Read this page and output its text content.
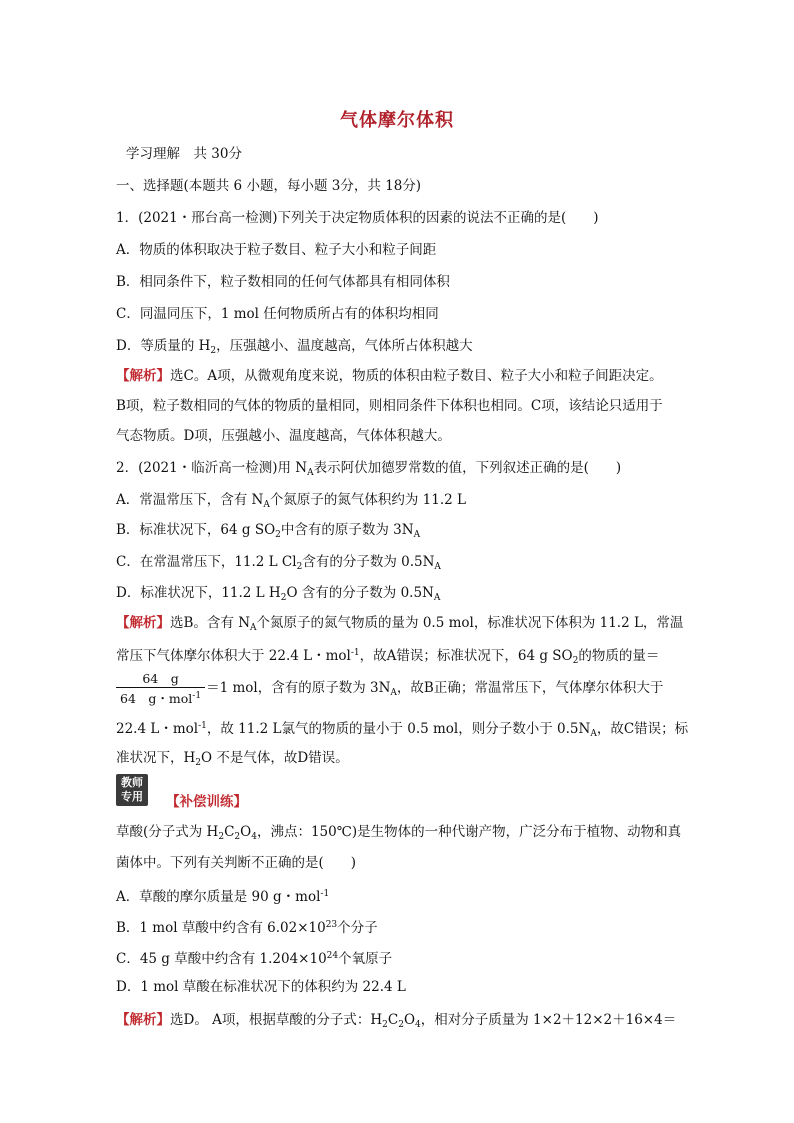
气体摩尔体积
学习理解　共 30分
一、选择题(本题共 6 小题，每小题 3分，共 18分)
1．(2021・邢台高一检测)下列关于决定物质体积的因素的说法不正确的是(　　)
A．物质的体积取决于粒子数目、粒子大小和粒子间距
B．相同条件下，粒子数相同的任何气体都具有相同体积
C．同温同压下，1 mol 任何物质所占有的体积均相同
D．等质量的 $H_2$，压强越小、温度越高，气体所占体积越大
【解析】选C。A项，从微观角度来说，物质的体积由粒子数目、粒子大小和粒子间距决定。
B项，粒子数相同的气体的物质的量相同，则相同条件下体积也相同。C项，该结论只适用于
气态物质。D项，压强越小、温度越高，气体体积越大。
2．(2021・临沂高一检测)用 $N_A$表示阿伏加德罗常数的值，下列叙述正确的是(　　)
A．常温常压下，含有 $N_A$个氮原子的氮气体积约为 11.2 L
B．标准状况下，64 g $SO_2$中含有的原子数为 $3N_A$
C．在常温常压下，11.2 L $Cl_2$含有的分子数为 $0.5N_A$
D．标准状况下，11.2 L $H_2O$ 含有的分子数为 $0.5N_A$
【解析】选B。含有 $N_A$个氮原子的氮气物质的量为 0.5 mol，标准状况下体积为 11.2 L，常温
常压下气体摩尔体积大于 22.4 L・mol$^{-1}$，故A错误；标准状况下，64 g $SO_2$的物质的量＝
$\frac{64 g}{64 g・mol^{-1}} =1$ mol，含有的原子数为 $3N_A$，故B正确；常温常压下，气体摩尔体积大于
22.4 L・mol$^{-1}$，故 11.2 L氯气的物质的量小于 0.5 mol，则分子数小于 $0.5N_A$，故C错误；标
准状况下，$H_2O$ 不是气体，故D错误。
教师
专用	【补偿训练】
草酸(分子式为 $H_2C_2O_4$，沸点：150℃)是生物体的一种代谢产物，广泛分布于植物、动物和真
菌体中。下列有关判断不正确的是(　　)
A．草酸的摩尔质量是 90 g・mol$^{-1}$
B．1 mol 草酸中约含有 $6.02\times 10^{23}$个分子
C．45 g 草酸中约含有 $1.204\times 10^{24}$个氧原子
D．1 mol 草酸在标准状况下的体积约为 22.4 L
【解析】选D。 A项，根据草酸的分子式：$H_2C_2O_4$，相对分子质量为 1×2＋12×2＋16×4＝
